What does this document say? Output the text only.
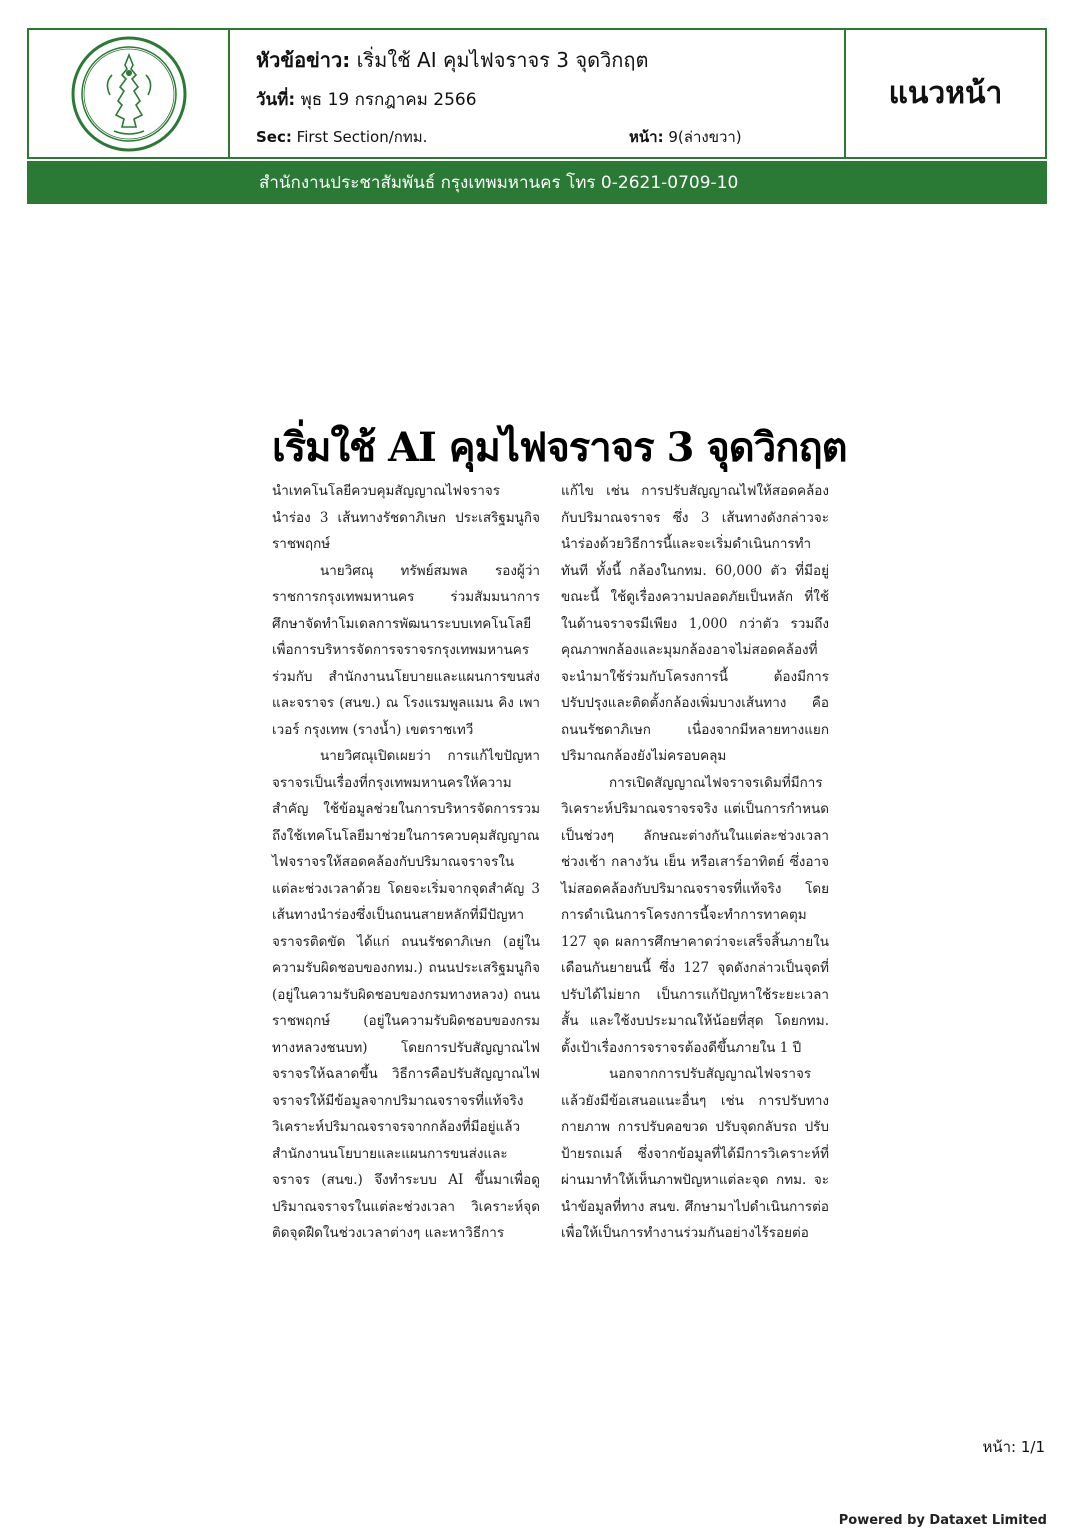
หัวข้อข่าว: เริ่มใช้ AI คุมไฟจราจร 3 จุดวิกฤต
วันที่: พุธ 19 กรกฎาคม 2566
Sec: First Section/กทม.	หน้า: 9(ล่างขวา)
แนวหน้า
สำนักงานประชาสัมพันธ์ กรุงเทพมหานคร โทร 0-2621-0709-10
เริ่มใช้ AI คุมไฟจราจร 3 จุดวิกฤต

นำเทคโนโลยีควบคุมสัญญาณไฟจราจร นำร่อง 3 เส้นทางรัชดาภิเษก ประเสริฐมนูกิจ ราชพฤกษ์

นายวิศณุ ทรัพย์สมพล รองผู้ว่าราชการกรุงเทพมหานคร ร่วมสัมมนาการศึกษาจัดทำโมเดลการพัฒนาระบบเทคโนโลยีเพื่อการบริหารจัดการจราจรกรุงเทพมหานคร ร่วมกับ สำนักงานนโยบายและแผนการขนส่งและจราจร (สนข.) ณ โรงแรมพูลแมน คิง เพาเวอร์ กรุงเทพ (รางน้ำ) เขตราชเทวี

นายวิศณุเปิดเผยว่า การแก้ไขปัญหาจราจรเป็นเรื่องที่กรุงเทพมหานครให้ความสำคัญ ใช้ข้อมูลช่วยในการบริหารจัดการรวมถึงใช้เทคโนโลยีมาช่วยในการควบคุมสัญญาณไฟจราจรให้สอดคล้องกับปริมาณจราจรในแต่ละช่วงเวลาด้วย โดยจะเริ่มจากจุดสำคัญ 3 เส้นทางนำร่องซึ่งเป็นถนนสายหลักที่มีปัญหาจราจรติดขัด ได้แก่ ถนนรัชดาภิเษก (อยู่ในความรับผิดชอบของกทม.) ถนนประเสริฐมนูกิจ (อยู่ในความรับผิดชอบของกรมทางหลวง) ถนนราชพฤกษ์ (อยู่ในความรับผิดชอบของกรมทางหลวงชนบท) โดยการปรับสัญญาณไฟจราจรให้ฉลาดขึ้น วิธีการคือปรับสัญญาณไฟจราจรให้มีข้อมูลจากปริมาณจราจรที่แท้จริง วิเคราะห์ปริมาณจราจรจากกล้องที่มีอยู่แล้ว สำนักงานนโยบายและแผนการขนส่งและจราจร (สนข.) จึงทำระบบ AI ขึ้นมาเพื่อดูปริมาณจราจรในแต่ละช่วงเวลา วิเคราะห์จุดติดจุดฝืดในช่วงเวลาต่างๆ และหาวิธีการ

แก้ไข เช่น การปรับสัญญาณไฟให้สอดคล้องกับปริมาณจราจร ซึ่ง 3 เส้นทางดังกล่าวจะนำร่องด้วยวิธีการนี้และจะเริ่มดำเนินการทำทันที ทั้งนี้ กล้องในกทม. 60,000 ตัว ที่มีอยู่ขณะนี้ ใช้ดูเรื่องความปลอดภัยเป็นหลัก ที่ใช้ในด้านจราจรมีเพียง 1,000 กว่าตัว รวมถึงคุณภาพกล้องและมุมกล้องอาจไม่สอดคล้องที่จะนำมาใช้ร่วมกับโครงการนี้ ต้องมีการปรับปรุงและติดตั้งกล้องเพิ่มบางเส้นทาง คือ ถนนรัชดาภิเษก เนื่องจากมีหลายทางแยก ปริมาณกล้องยังไม่ครอบคลุม

การเปิดสัญญาณไฟจราจรเดิมที่มีการวิเคราะห์ปริมาณจราจรจริง แต่เป็นการกำหนดเป็นช่วงๆ ลักษณะต่างกันในแต่ละช่วงเวลา ช่วงเช้า กลางวัน เย็น หรือเสาร์อาทิตย์ ซึ่งอาจไม่สอดคล้องกับปริมาณจราจรที่แท้จริง โดยการดำเนินการโครงการนี้จะทำการทาคตุม 127 จุด ผลการศึกษาคาดว่าจะเสร็จสิ้นภายในเดือนกันยายนนี้ ซึ่ง 127 จุดดังกล่าวเป็นจุดที่ปรับได้ไม่ยาก เป็นการแก้ปัญหาใช้ระยะเวลาสั้น และใช้งบประมาณให้น้อยที่สุด โดยกทม. ตั้งเป้าเรื่องการจราจรต้องดีขึ้นภายใน 1 ปี

นอกจากการปรับสัญญาณไฟจราจรแล้วยังมีข้อเสนอแนะอื่นๆ เช่น การปรับทางกายภาพ การปรับคอขวด ปรับจุดกลับรถ ปรับป้ายรถเมล์ ซึ่งจากข้อมูลที่ได้มีการวิเคราะห์ที่ผ่านมาทำให้เห็นภาพปัญหาแต่ละจุด กทม. จะนำข้อมูลที่ทาง สนข. ศึกษามาไปดำเนินการต่อ เพื่อให้เป็นการทำงานร่วมกันอย่างไร้รอยต่อ

หน้า: 1/1
Powered by Dataxet Limited
